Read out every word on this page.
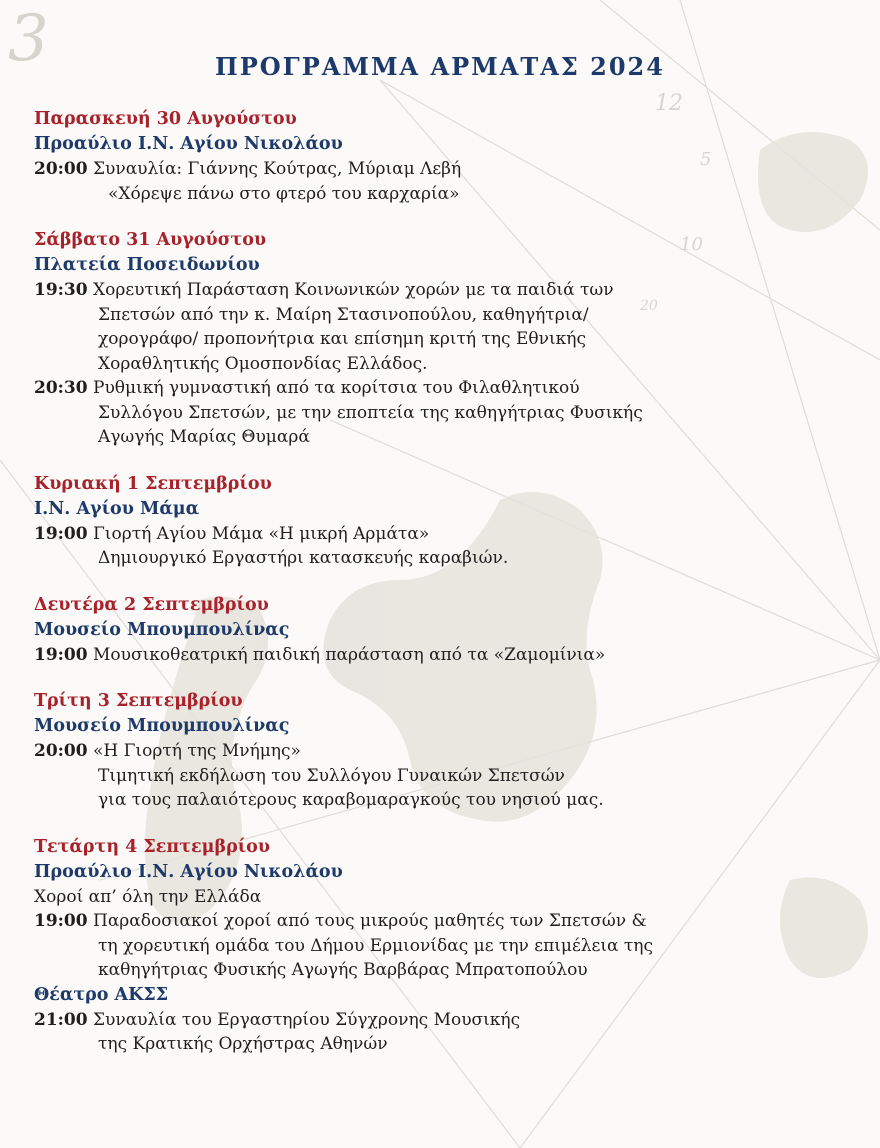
3
12
5
10
20
ΠΡΟΓΡΑΜΜΑ ΑΡΜΑΤΑΣ 2024
Παρασκευή 30 Αυγούστου
Προαύλιο Ι.Ν. Αγίου Νικολάου
20:00 Συναυλία: Γιάννης Κούτρας, Μύριαμ Λεβή
«Χόρεψε πάνω στο φτερό του καρχαρία»
Σάββατο 31 Αυγούστου
Πλατεία Ποσειδωνίου
19:30 Χορευτική Παράσταση Κοινωνικών χορών με τα παιδιά των
Σπετσών από την κ. Μαίρη Στασινοπούλου, καθηγήτρια/
χορογράφο/ προπονήτρια και επίσημη κριτή της Εθνικής
Χοραθλητικής Ομοσπονδίας Ελλάδος.
20:30 Ρυθμική γυμναστική από τα κορίτσια του Φιλαθλητικού
Συλλόγου Σπετσών, με την εποπτεία της καθηγήτριας Φυσικής
Αγωγής Μαρίας Θυμαρά
Κυριακή 1 Σεπτεμβρίου
Ι.Ν. Αγίου Μάμα
19:00 Γιορτή Αγίου Μάμα «Η μικρή Αρμάτα»
Δημιουργικό Εργαστήρι κατασκευής καραβιών.
Δευτέρα 2 Σεπτεμβρίου
Μουσείο Μπουμπουλίνας
19:00 Μουσικοθεατρική παιδική παράσταση από τα «Ζαμομίνια»
Τρίτη 3 Σεπτεμβρίου
Μουσείο Μπουμπουλίνας
20:00 «Η Γιορτή της Μνήμης»
Τιμητική εκδήλωση του Συλλόγου Γυναικών Σπετσών
για τους παλαιότερους καραβομαραγκούς του νησιού μας.
Τετάρτη 4 Σεπτεμβρίου
Προαύλιο Ι.Ν. Αγίου Νικολάου
Χοροί απ’ όλη την Ελλάδα
19:00 Παραδοσιακοί χοροί από τους μικρούς μαθητές των Σπετσών &
τη χορευτική ομάδα του Δήμου Ερμιονίδας με την επιμέλεια της
καθηγήτριας Φυσικής Αγωγής Βαρβάρας Μπρατοπούλου
Θέατρο ΑΚΣΣ
21:00 Συναυλία του Εργαστηρίου Σύγχρονης Μουσικής
της Κρατικής Ορχήστρας Αθηνών
